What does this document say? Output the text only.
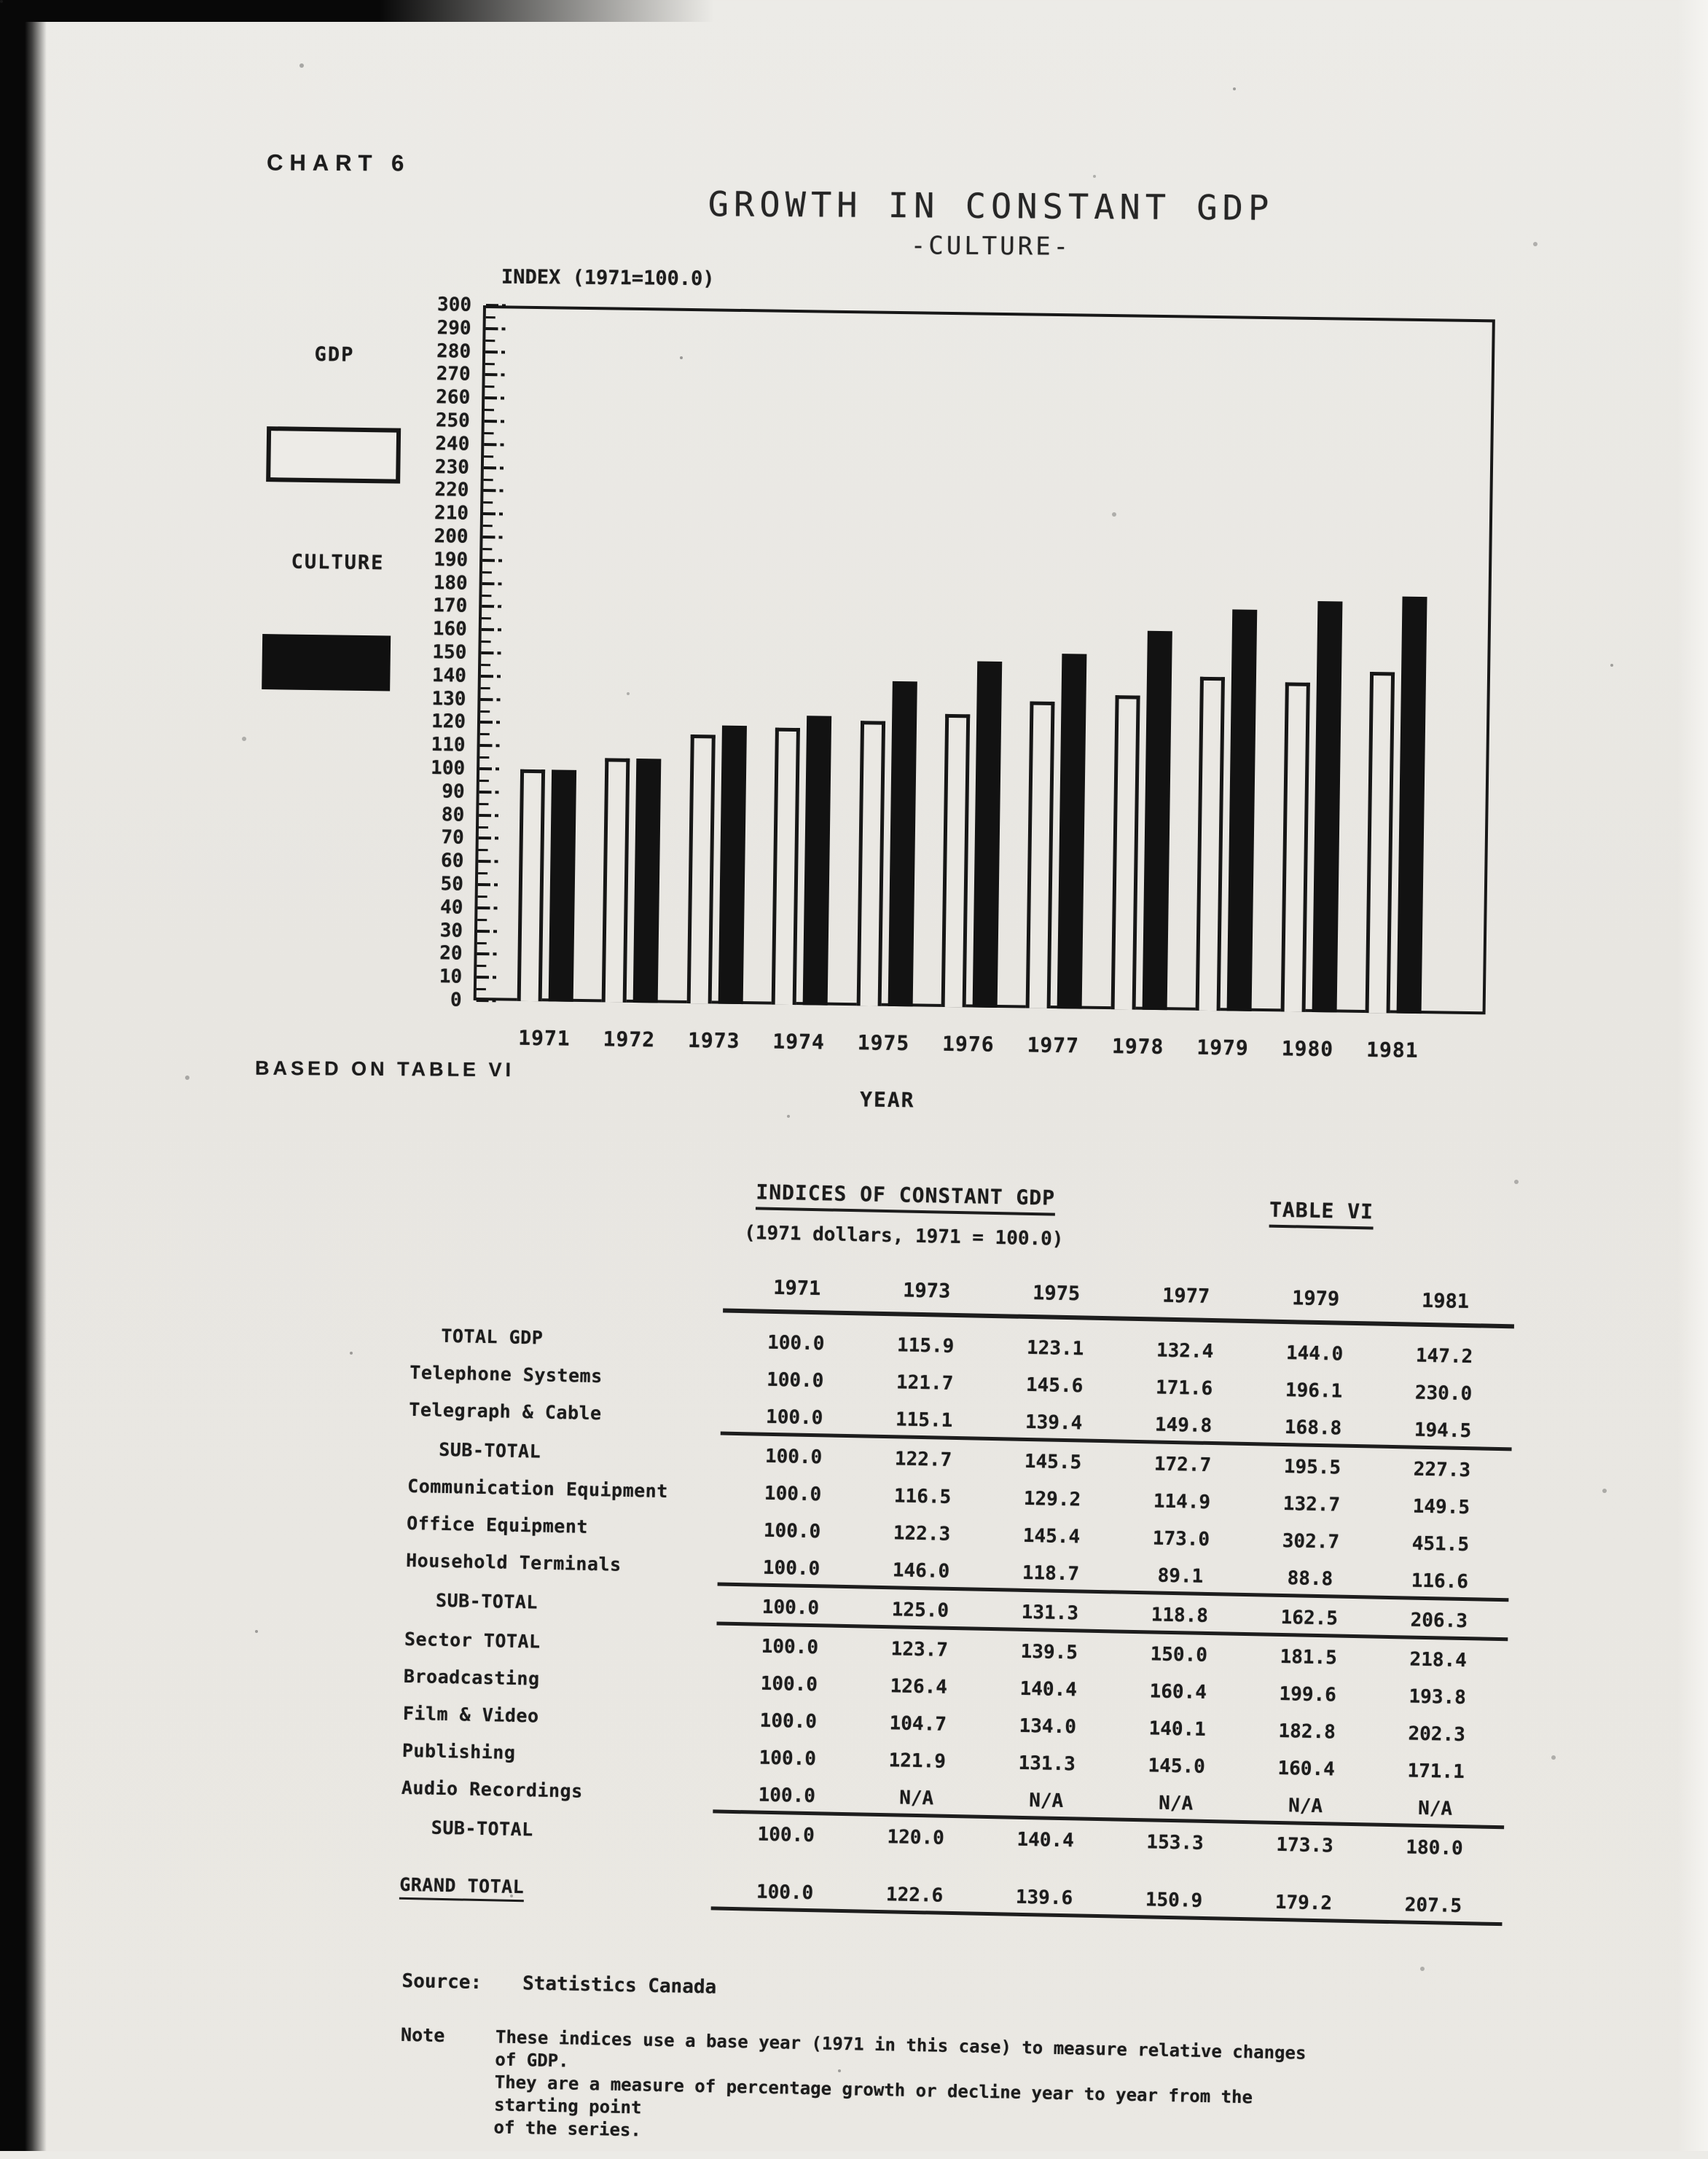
CHART 6
GROWTH IN CONSTANT GDP
-CULTURE-
INDEX (1971=100.0)
GDP
CULTURE
0
10
20
30
40
50
60
70
80
90
100
110
120
130
140
150
160
170
180
190
200
210
220
230
240
250
260
270
280
290
300
1971	1972	1973	1974	1975	1976	1977	1978	1979	1980	1981
YEAR
BASED ON TABLE VI
INDICES OF CONSTANT GDP
TABLE VI
(1971 dollars, 1971 = 100.0)
1971	1973	1975	1977	1979	1981
TOTAL GDP	100.0	115.9	123.1	132.4	144.0	147.2
Telephone Systems	100.0	121.7	145.6	171.6	196.1	230.0
Telegraph & Cable	100.0	115.1	139.4	149.8	168.8	194.5
SUB-TOTAL	100.0	122.7	145.5	172.7	195.5	227.3
Communication Equipment	100.0	116.5	129.2	114.9	132.7	149.5
Office Equipment	100.0	122.3	145.4	173.0	302.7	451.5
Household Terminals	100.0	146.0	118.7	89.1	88.8	116.6
SUB-TOTAL	100.0	125.0	131.3	118.8	162.5	206.3
Sector TOTAL	100.0	123.7	139.5	150.0	181.5	218.4
Broadcasting	100.0	126.4	140.4	160.4	199.6	193.8
Film & Video	100.0	104.7	134.0	140.1	182.8	202.3
Publishing	100.0	121.9	131.3	145.0	160.4	171.1
Audio Recordings	100.0	N/A	N/A	N/A	N/A	N/A
SUB-TOTAL	100.0	120.0	140.4	153.3	173.3	180.0
GRAND TOTAL	100.0	122.6	139.6	150.9	179.2	207.5
Source: Statistics Canada
Note	These indices use a base year (1971 in this case) to measure relative changes of GDP.
They are a measure of percentage growth or decline year to year from the starting point
of the series.
